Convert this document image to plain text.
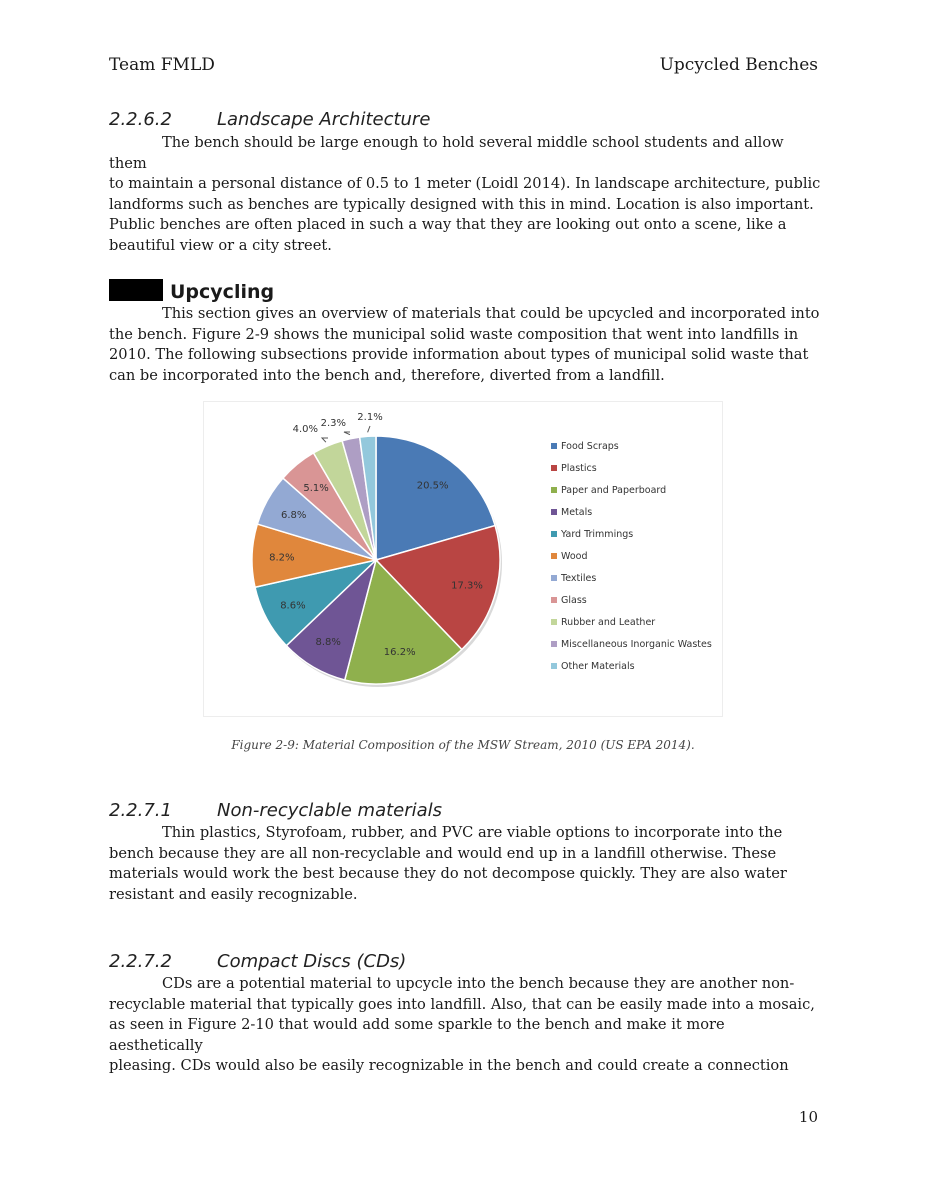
Team FMLD	Upcycled Benches
2.2.6.2	Landscape Architecture

The bench should be large enough to hold several middle school students and allow them
to maintain a personal distance of 0.5 to 1 meter (Loidl 2014). In landscape architecture, public
landforms such as benches are typically designed with this in mind. Location is also important.
Public benches are often placed in such a way that they are looking out onto a scene, like a
beautiful view or a city street.

Upcycling

This section gives an overview of materials that could be upcycled and incorporated into
the bench. Figure 2-9 shows the municipal solid waste composition that went into landfills in
2010. The following subsections provide information about types of municipal solid waste that
can be incorporated into the bench and, therefore, diverted from a landfill.

20.5%
17.3%
16.2%
8.8%
8.6%
8.2%
6.8%
5.1%
4.0%
2.3%
2.1%
Food Scraps
Plastics
Paper and Paperboard
Metals
Yard Trimmings
Wood
Textiles
Glass
Rubber and Leather
Miscellaneous Inorganic Wastes
Other Materials
Figure 2-9: Material Composition of the MSW Stream, 2010 (US EPA 2014).
2.2.7.1	Non-recyclable materials

Thin plastics, Styrofoam, rubber, and PVC are viable options to incorporate into the
bench because they are all non-recyclable and would end up in a landfill otherwise. These
materials would work the best because they do not decompose quickly. They are also water
resistant and easily recognizable.

2.2.7.2	Compact Discs (CDs)

CDs are a potential material to upcycle into the bench because they are another non-
recyclable material that typically goes into landfill. Also, that can be easily made into a mosaic,
as seen in Figure 2-10 that would add some sparkle to the bench and make it more aesthetically
pleasing. CDs would also be easily recognizable in the bench and could create a connection

10
